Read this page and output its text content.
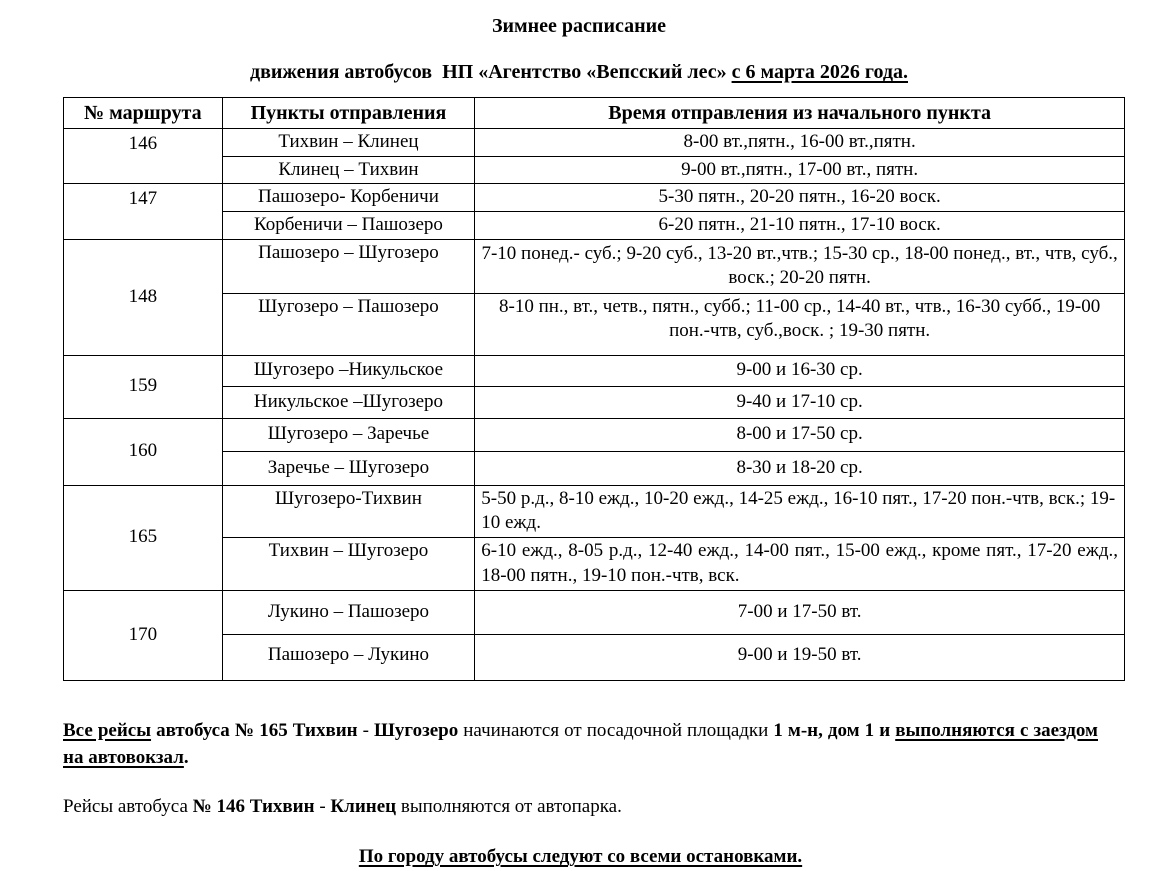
Зимнее расписание
движения автобусов  НП «Агентство «Вепсский лес» с 6 марта 2026 года.
№ маршрута	Пункты отправления	Время отправления из начального пункта
146	Тихвин – Клинец	8-00 вт.,пятн., 16-00 вт.,пятн.
	Клинец – Тихвин	9-00 вт.,пятн., 17-00 вт., пятн.
147	Пашозеро- Корбеничи	5-30 пятн., 20-20 пятн., 16-20 воск.
	Корбеничи – Пашозеро	6-20 пятн., 21-10 пятн., 17-10 воск.
148	Пашозеро – Шугозеро	7-10 понед.- суб.; 9-20 суб., 13-20 вт.,чтв.; 15-30 ср., 18-00 понед., вт., чтв, суб., воск.; 20-20 пятн.
	Шугозеро – Пашозеро	8-10 пн., вт., четв., пятн., субб.; 11-00 ср., 14-40 вт., чтв., 16-30 субб., 19-00 пон.-чтв, суб.,воск. ; 19-30 пятн.
159	Шугозеро –Никульское	9-00 и 16-30 ср.
	Никульское –Шугозеро	9-40 и 17-10 ср.
160	Шугозеро – Заречье	8-00 и 17-50 ср.
	Заречье – Шугозеро	8-30 и 18-20 ср.
165	Шугозеро-Тихвин	5-50 р.д., 8-10 ежд., 10-20 ежд., 14-25 ежд., 16-10 пят., 17-20 пон.-чтв, вск.; 19-10 ежд.
	Тихвин – Шугозеро	6-10 ежд., 8-05 р.д., 12-40 ежд., 14-00 пят., 15-00 ежд., кроме пят., 17-20 ежд., 18-00 пятн., 19-10 пон.-чтв, вск.
170	Лукино – Пашозеро	7-00 и 17-50 вт.
	Пашозеро – Лукино	9-00 и 19-50 вт.

Все рейсы автобуса № 165 Тихвин - Шугозеро начинаются от посадочной площадки 1 м-н, дом 1 и выполняются с заездом на автовокзал.

Рейсы автобуса № 146 Тихвин - Клинец выполняются от автопарка.

По городу автобусы следуют со всеми остановками.
